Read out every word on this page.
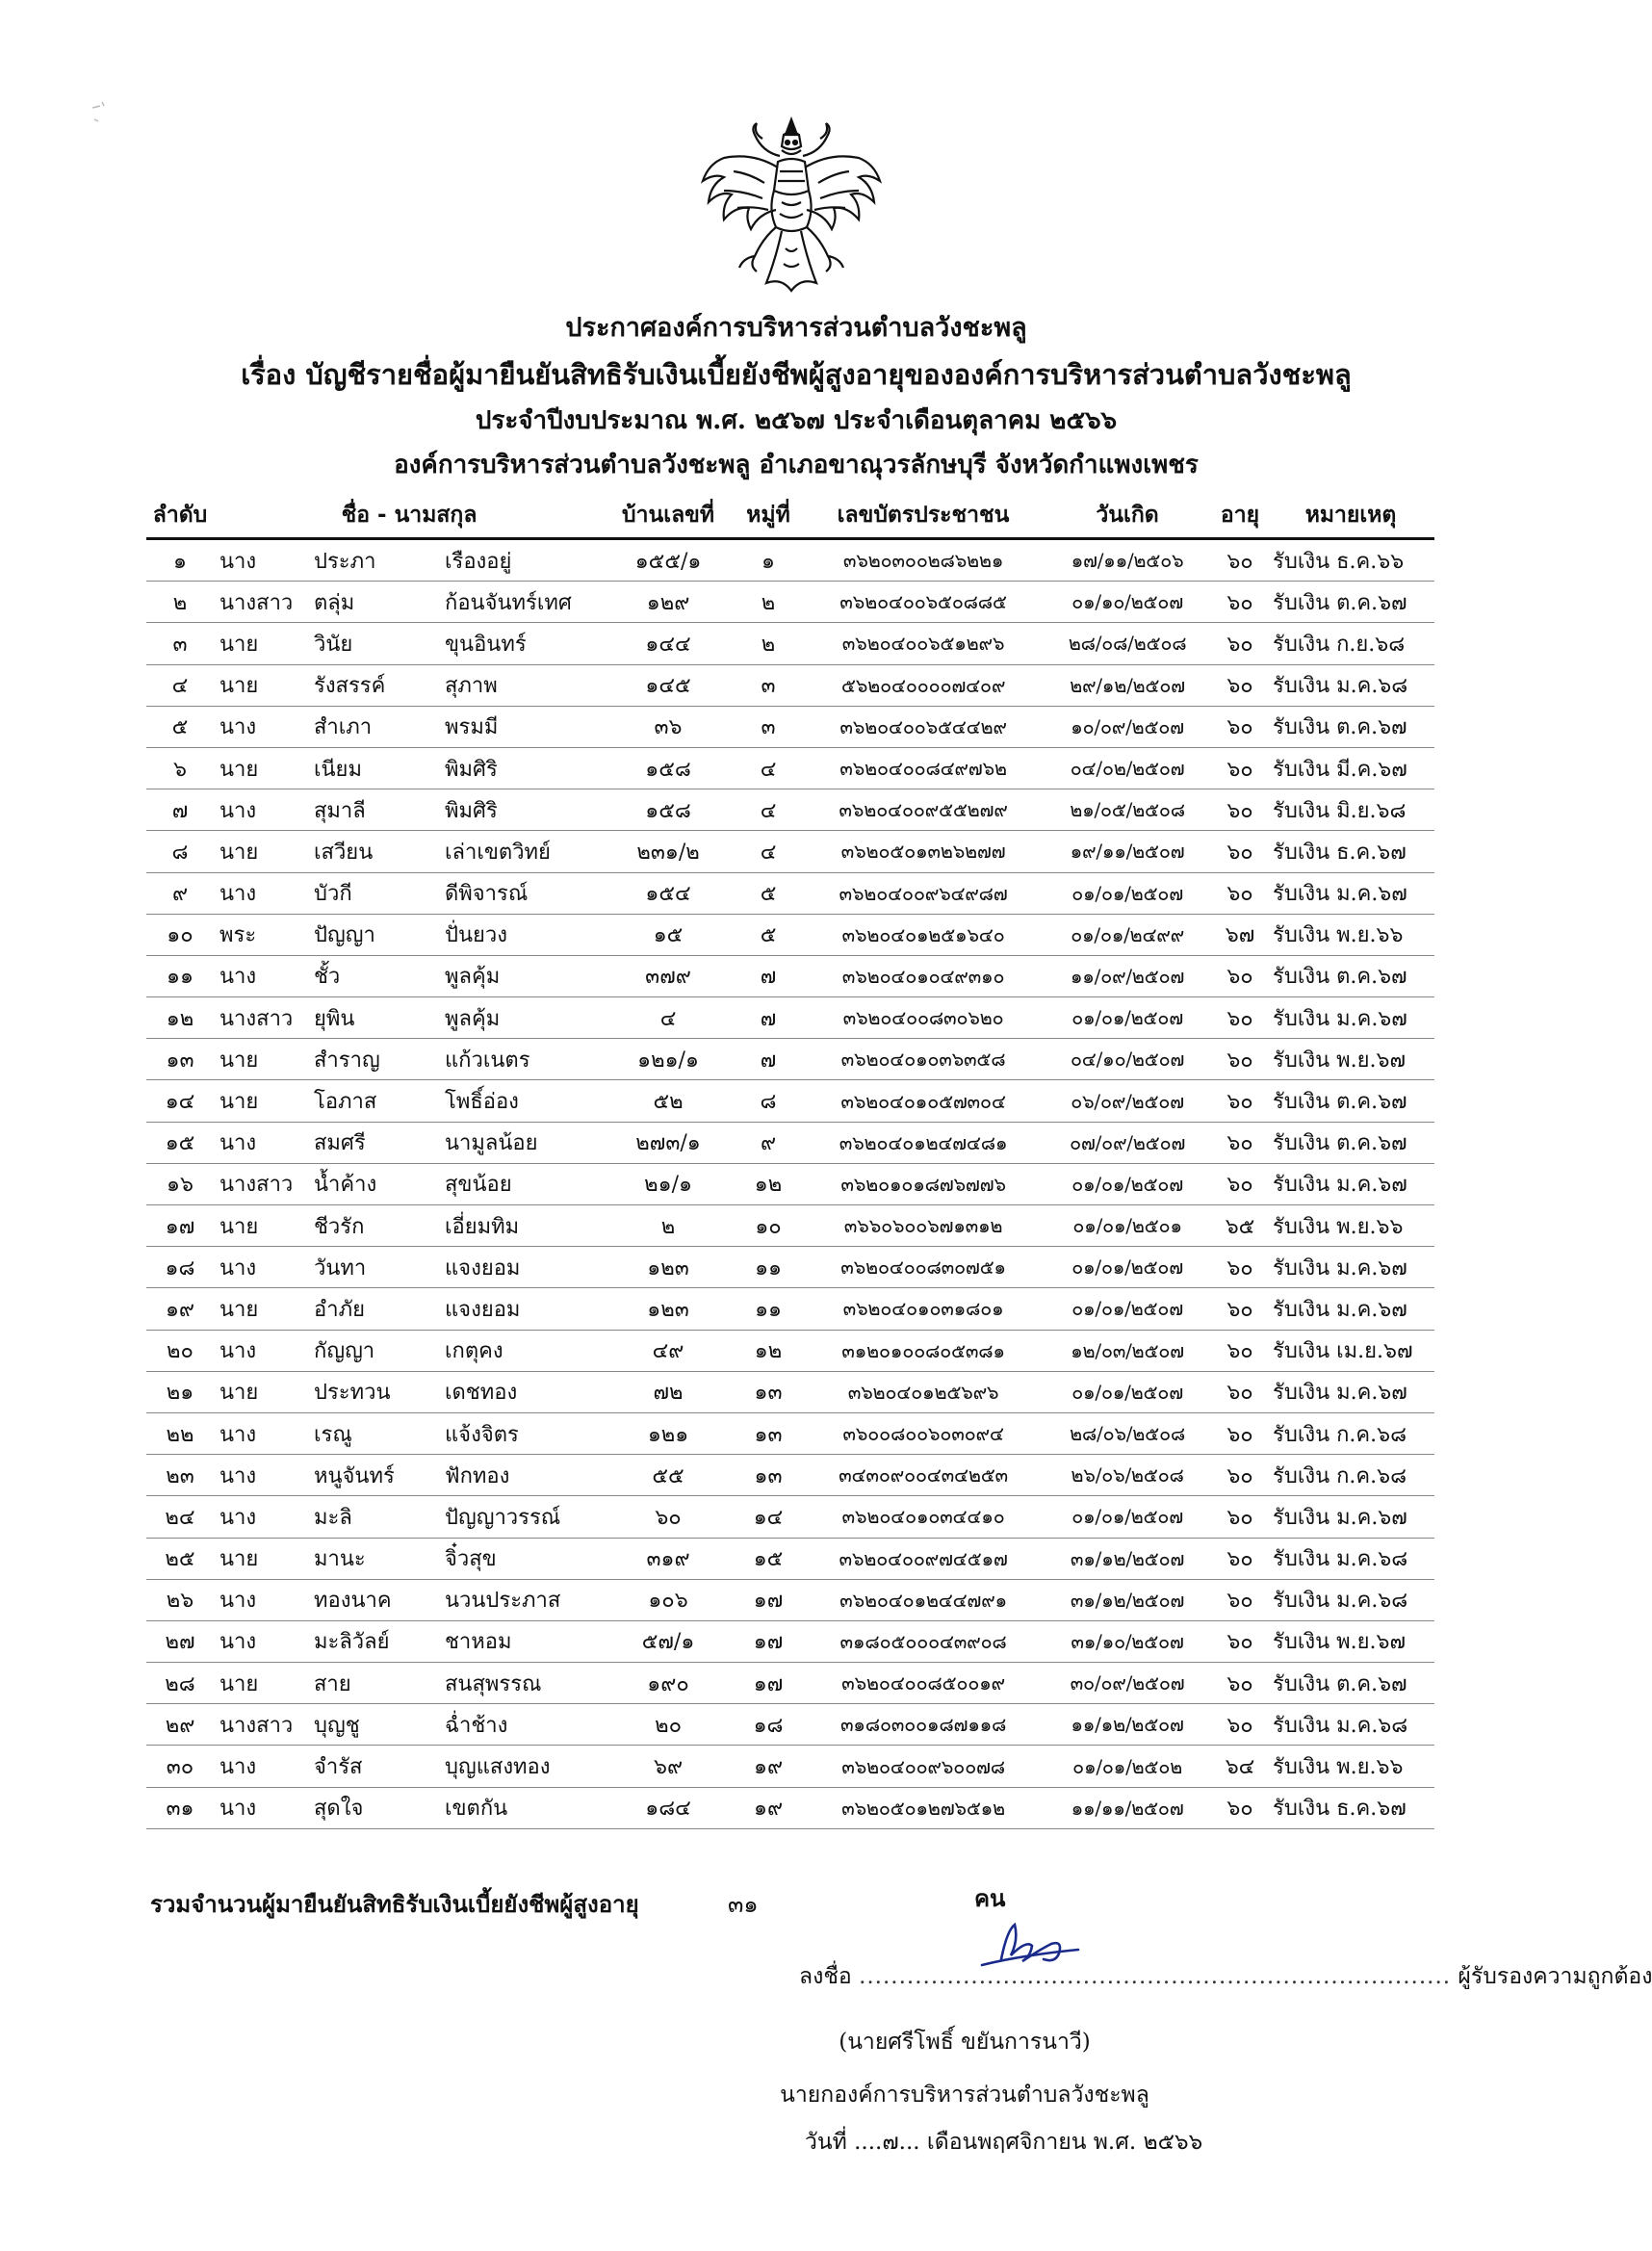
ประกาศองค์การบริหารส่วนตำบลวังชะพลู
เรื่อง บัญชีรายชื่อผู้มายืนยันสิทธิรับเงินเบี้ยยังชีพผู้สูงอายุขององค์การบริหารส่วนตำบลวังชะพลู
ประจำปีงบประมาณ พ.ศ. ๒๕๖๗ ประจำเดือนตุลาคม ๒๕๖๖
องค์การบริหารส่วนตำบลวังชะพลู อำเภอขาณุวรลักษบุรี จังหวัดกำแพงเพชร
ลำดับ	ชื่อ - นามสกุล			บ้านเลขที่	หมู่ที่	เลขบัตรประชาชน	วันเกิด	อายุ	หมายเหตุ
๑	นาง	ประภา	เรืองอยู่	๑๕๕/๑	๑	๓๖๒๐๓๐๐๒๘๖๒๒๑	๑๗/๑๑/๒๕๐๖	๖๐	รับเงิน ธ.ค.๖๖
๒	นางสาว	ตลุ่ม	ก้อนจันทร์เทศ	๑๒๙	๒	๓๖๒๐๔๐๐๖๕๐๘๘๕	๐๑/๑๐/๒๕๐๗	๖๐	รับเงิน ต.ค.๖๗
๓	นาย	วินัย	ขุนอินทร์	๑๔๔	๒	๓๖๒๐๔๐๐๖๕๑๒๙๖	๒๘/๐๘/๒๕๐๘	๖๐	รับเงิน ก.ย.๖๘
๔	นาย	รังสรรค์	สุภาพ	๑๔๕	๓	๕๖๒๐๔๐๐๐๐๗๔๐๙	๒๙/๑๒/๒๕๐๗	๖๐	รับเงิน ม.ค.๖๘
๕	นาง	สำเภา	พรมมี	๓๖	๓	๓๖๒๐๔๐๐๖๕๔๔๒๙	๑๐/๐๙/๒๕๐๗	๖๐	รับเงิน ต.ค.๖๗
๖	นาย	เนียม	พิมศิริ	๑๕๘	๔	๓๖๒๐๔๐๐๘๔๙๗๖๒	๐๔/๐๒/๒๕๐๗	๖๐	รับเงิน มี.ค.๖๗
๗	นาง	สุมาลี	พิมศิริ	๑๕๘	๔	๓๖๒๐๔๐๐๙๕๕๒๗๙	๒๑/๐๕/๒๕๐๘	๖๐	รับเงิน มิ.ย.๖๘
๘	นาย	เสวียน	เล่าเขตวิทย์	๒๓๑/๒	๔	๓๖๒๐๕๐๑๓๒๖๒๗๗	๑๙/๑๑/๒๕๐๗	๖๐	รับเงิน ธ.ค.๖๗
๙	นาง	บัวกี	ดีพิจารณ์	๑๕๔	๕	๓๖๒๐๔๐๐๙๖๔๙๘๗	๐๑/๐๑/๒๕๐๗	๖๐	รับเงิน ม.ค.๖๗
๑๐	พระ	ปัญญา	ปั่นยวง	๑๕	๕	๓๖๒๐๔๐๑๒๕๑๖๔๐	๐๑/๐๑/๒๔๙๙	๖๗	รับเงิน พ.ย.๖๖
๑๑	นาง	ชั้ว	พูลคุ้ม	๓๗๙	๗	๓๖๒๐๔๐๑๐๔๙๓๑๐	๑๑/๐๙/๒๕๐๗	๖๐	รับเงิน ต.ค.๖๗
๑๒	นางสาว	ยุพิน	พูลคุ้ม	๔	๗	๓๖๒๐๔๐๐๘๓๐๖๒๐	๐๑/๐๑/๒๕๐๗	๖๐	รับเงิน ม.ค.๖๗
๑๓	นาย	สำราญ	แก้วเนตร	๑๒๑/๑	๗	๓๖๒๐๔๐๑๐๓๖๓๕๘	๐๔/๑๐/๒๕๐๗	๖๐	รับเงิน พ.ย.๖๗
๑๔	นาย	โอภาส	โพธิ์อ่อง	๕๒	๘	๓๖๒๐๔๐๑๐๕๗๓๐๔	๐๖/๐๙/๒๕๐๗	๖๐	รับเงิน ต.ค.๖๗
๑๕	นาง	สมศรี	นามูลน้อย	๒๗๓/๑	๙	๓๖๒๐๔๐๑๒๔๗๔๘๑	๐๗/๐๙/๒๕๐๗	๖๐	รับเงิน ต.ค.๖๗
๑๖	นางสาว	น้ำค้าง	สุขน้อย	๒๑/๑	๑๒	๓๖๒๐๑๐๑๘๗๖๗๗๖	๐๑/๐๑/๒๕๐๗	๖๐	รับเงิน ม.ค.๖๗
๑๗	นาย	ชีวรัก	เอี่ยมทิม	๒	๑๐	๓๖๖๐๖๐๐๖๗๑๓๑๒	๐๑/๐๑/๒๕๐๑	๖๕	รับเงิน พ.ย.๖๖
๑๘	นาง	วันทา	แจงยอม	๑๒๓	๑๑	๓๖๒๐๔๐๐๘๓๐๗๕๑	๐๑/๐๑/๒๕๐๗	๖๐	รับเงิน ม.ค.๖๗
๑๙	นาย	อำภัย	แจงยอม	๑๒๓	๑๑	๓๖๒๐๔๐๑๐๓๑๘๐๑	๐๑/๐๑/๒๕๐๗	๖๐	รับเงิน ม.ค.๖๗
๒๐	นาง	กัญญา	เกตุคง	๔๙	๑๒	๓๑๒๐๑๐๐๘๐๕๓๘๑	๑๒/๐๓/๒๕๐๗	๖๐	รับเงิน เม.ย.๖๗
๒๑	นาย	ประทวน	เดชทอง	๗๒	๑๓	๓๖๒๐๔๐๑๒๕๖๙๖	๐๑/๐๑/๒๕๐๗	๖๐	รับเงิน ม.ค.๖๗
๒๒	นาง	เรณู	แจ้งจิตร	๑๒๑	๑๓	๓๖๐๐๘๐๐๖๐๓๐๙๔	๒๘/๐๖/๒๕๐๘	๖๐	รับเงิน ก.ค.๖๘
๒๓	นาง	หนูจันทร์	ฟักทอง	๕๕	๑๓	๓๔๓๐๙๐๐๔๓๔๒๕๓	๒๖/๐๖/๒๕๐๘	๖๐	รับเงิน ก.ค.๖๘
๒๔	นาง	มะลิ	ปัญญาวรรณ์	๖๐	๑๔	๓๖๒๐๔๐๑๐๓๔๔๑๐	๐๑/๐๑/๒๕๐๗	๖๐	รับเงิน ม.ค.๖๗
๒๕	นาย	มานะ	จิ๋วสุข	๓๑๙	๑๕	๓๖๒๐๔๐๐๙๗๔๕๑๗	๓๑/๑๒/๒๕๐๗	๖๐	รับเงิน ม.ค.๖๘
๒๖	นาง	ทองนาค	นวนประภาส	๑๐๖	๑๗	๓๖๒๐๔๐๑๒๔๔๗๙๑	๓๑/๑๒/๒๕๐๗	๖๐	รับเงิน ม.ค.๖๘
๒๗	นาง	มะลิวัลย์	ชาหอม	๕๗/๑	๑๗	๓๑๘๐๕๐๐๐๔๓๙๐๘	๓๑/๑๐/๒๕๐๗	๖๐	รับเงิน พ.ย.๖๗
๒๘	นาย	สาย	สนสุพรรณ	๑๙๐	๑๗	๓๖๒๐๔๐๐๘๕๐๐๑๙	๓๐/๐๙/๒๕๐๗	๖๐	รับเงิน ต.ค.๖๗
๒๙	นางสาว	บุญชู	ฉ่ำช้าง	๒๐	๑๘	๓๑๘๐๓๐๐๑๘๗๑๑๘	๑๑/๑๒/๒๕๐๗	๖๐	รับเงิน ม.ค.๖๘
๓๐	นาง	จำรัส	บุญแสงทอง	๖๙	๑๙	๓๖๒๐๔๐๐๙๖๐๐๗๘	๐๑/๐๑/๒๕๐๒	๖๔	รับเงิน พ.ย.๖๖
๓๑	นาง	สุดใจ	เขตกัน	๑๘๔	๑๙	๓๖๒๐๕๐๑๒๗๖๕๑๒	๑๑/๑๑/๒๕๐๗	๖๐	รับเงิน ธ.ค.๖๗
รวมจำนวนผู้มายืนยันสิทธิรับเงินเบี้ยยังชีพผู้สูงอายุ	๓๑	คน
ลงชื่อ .......................................................................... ผู้รับรองความถูกต้อง
(นายศรีโพธิ์ ขยันการนาวี)
นายกองค์การบริหารส่วนตำบลวังชะพลู
วันที่ ....๗... เดือนพฤศจิกายน พ.ศ. ๒๕๖๖
